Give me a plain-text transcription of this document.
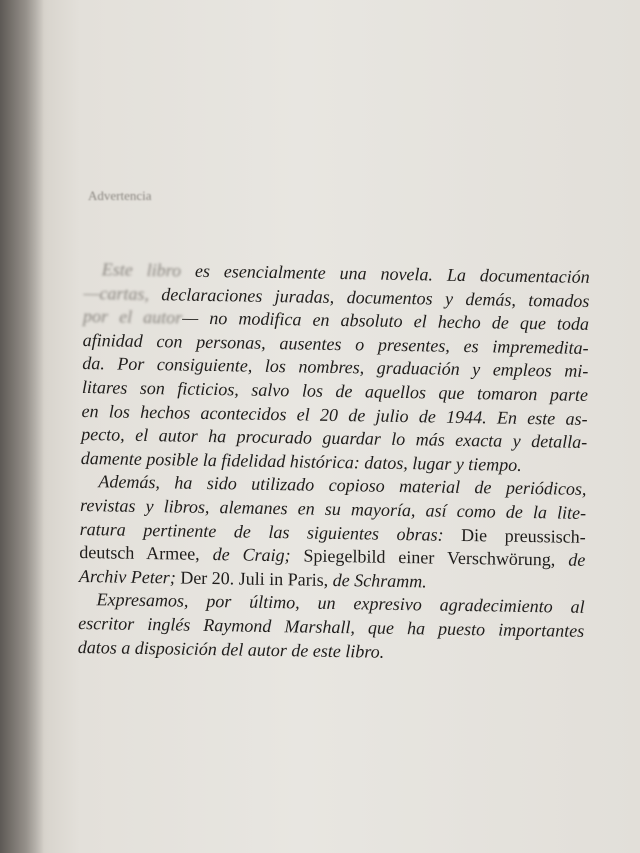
Advertencia
Este libro es esencialmente una novela. La documentación
—cartas, declaraciones juradas, documentos y demás, tomados
por el autor— no modifica en absoluto el hecho de que toda
afinidad con personas, ausentes o presentes, es impremedita-
da. Por consiguiente, los nombres, graduación y empleos mi-
litares son ficticios, salvo los de aquellos que tomaron parte
en los hechos acontecidos el 20 de julio de 1944. En este as-
pecto, el autor ha procurado guardar lo más exacta y detalla-
damente posible la fidelidad histórica: datos, lugar y tiempo.
Además, ha sido utilizado copioso material de periódicos,
revistas y libros, alemanes en su mayoría, así como de la lite-
ratura pertinente de las siguientes obras: Die preussisch-
deutsch Armee, de Craig; Spiegelbild einer Verschwörung, de
Archiv Peter; Der 20. Juli in Paris, de Schramm.
Expresamos, por último, un expresivo agradecimiento al
escritor inglés Raymond Marshall, que ha puesto importantes
datos a disposición del autor de este libro.
